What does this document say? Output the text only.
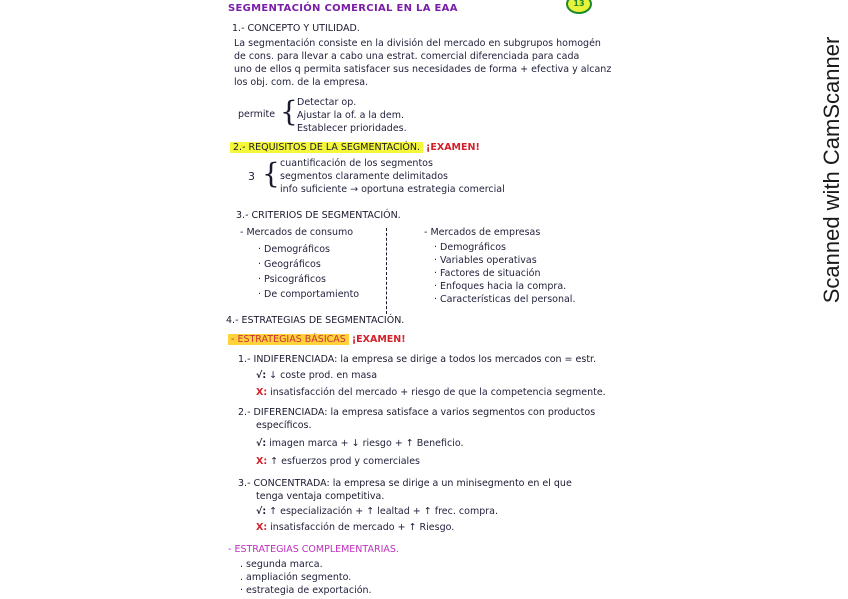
SEGMENTACIÓN COMERCIAL EN LA EAA	13
1.- CONCEPTO Y UTILIDAD.
La segmentación consiste en la división del mercado en subgrupos homogén
de cons. para llevar a cabo una estrat. comercial diferenciada para cada
uno de ellos q permita satisfacer sus necesidades de forma + efectiva y alcanz
los obj. com. de la empresa.
permite { Detectar op.
Ajustar la of. a la dem.
Establecer prioridades.
2.- REQUISITOS DE LA SEGMENTACIÓN. ¡EXAMEN!
3 { cuantificación de los segmentos
segmentos claramente delimitados
info suficiente → oportuna estrategia comercial
3.- CRITERIOS DE SEGMENTACIÓN.
- Mercados de consumo
· Demográficos
· Geográficos
· Psicográficos
· De comportamiento
- Mercados de empresas
· Demográficos
· Variables operativas
· Factores de situación
· Enfoques hacia la compra.
· Características del personal.
4.- ESTRATEGIAS DE SEGMENTACIÓN.
- ESTRATEGIAS BÁSICAS ¡EXAMEN!
1.- INDIFERENCIADA: la empresa se dirige a todos los mercados con = estr.
√: ↓ coste prod. en masa
X: insatisfacción del mercado + riesgo de que la competencia segmente.
2.- DIFERENCIADA: la empresa satisface a varios segmentos con productos
específicos.
√: imagen marca + ↓ riesgo + ↑ Beneficio.
X: ↑ esfuerzos prod y comerciales
3.- CONCENTRADA: la empresa se dirige a un minisegmento en el que
tenga ventaja competitiva.
√: ↑ especialización + ↑ lealtad + ↑ frec. compra.
X: insatisfacción de mercado + ↑ Riesgo.
- ESTRATEGIAS COMPLEMENTARIAS.
. segunda marca.
. ampliación segmento.
· estrategia de exportación.
Scanned with CamScanner
